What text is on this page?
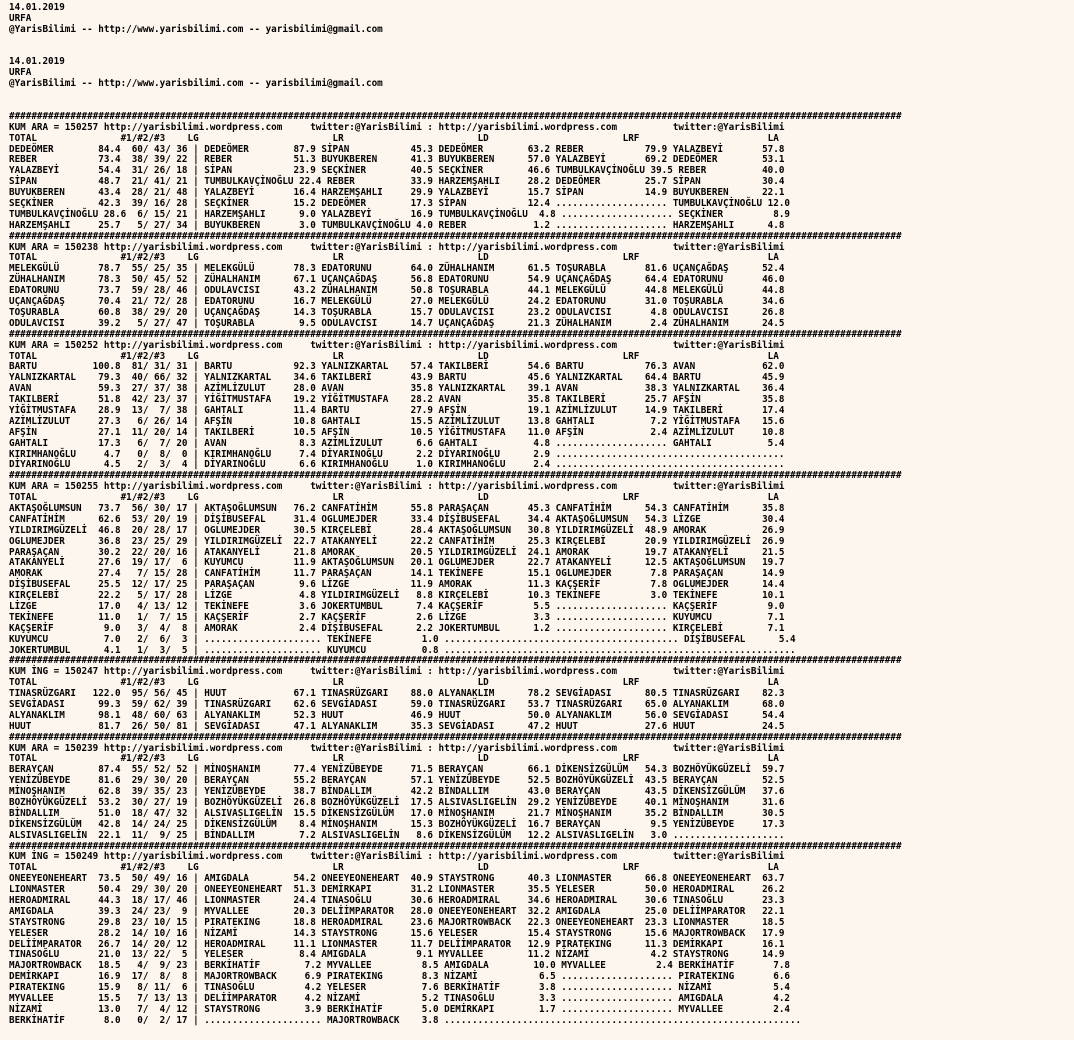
14.01.2019
URFA
@YarisBilimi -- http://www.yarisbilimi.com -- yarisbilimi@gmail.com
14.01.2019
URFA
@YarisBilimi -- http://www.yarisbilimi.com -- yarisbilimi@gmail.com
################################################################################################################################################################
KUM ARA = 150257 http://yarisbilimi.wordpress.com     twitter:@YarisBilimi : http://yarisbilimi.wordpress.com          twitter:@YarisBilimi
TOTAL               #1/#2/#3    LG                        LR                        LD                        LRF                       LA
DEDEÖMER        84.4  60/ 43/ 36 | DEDEÖMER        87.9 SİPAN           45.3 DEDEÖMER        63.2 REBER           79.9 YALAZBEYİ       57.8
REBER           73.4  38/ 39/ 22 | REBER           51.3 BUYUKBEREN      41.3 BUYUKBEREN      57.0 YALAZBEYİ       69.2 DEDEÖMER        53.1
YALAZBEYİ       54.4  31/ 26/ 18 | SİPAN           23.9 SEÇKİNER        40.5 SEÇKİNER        46.6 TUMBULKAVÇİNOĞLU 39.5 REBER          40.0
SİPAN           48.7  21/ 41/ 21 | TUMBULKAVÇİNOĞLU 22.4 REBER          33.9 HARZEMŞAHLI     28.2 DEDEÖMER        25.7 SİPAN           30.4
BUYUKBEREN      43.4  28/ 21/ 48 | YALAZBEYİ       16.4 HARZEMŞAHLI     29.9 YALAZBEYİ       15.7 SİPAN           14.9 BUYUKBEREN      22.1
SEÇKİNER        42.3  39/ 16/ 28 | SEÇKİNER        15.2 DEDEÖMER        17.3 SİPAN           12.4 .................... TUMBULKAVÇİNOĞLU 12.0
TUMBULKAVÇİNOĞLU 28.6  6/ 15/ 21 | HARZEMŞAHLI      9.0 YALAZBEYİ       16.9 TUMBULKAVÇİNOĞLU  4.8 .................... SEÇKİNER         8.9
HARZEMŞAHLI     25.7   5/ 27/ 34 | BUYUKBEREN       3.0 TUMBULKAVÇİNOĞLU 4.0 REBER            1.2 .................... HARZEMŞAHLI      4.8
################################################################################################################################################################
KUM ARA = 150238 http://yarisbilimi.wordpress.com     twitter:@YarisBilimi : http://yarisbilimi.wordpress.com          twitter:@YarisBilimi
TOTAL               #1/#2/#3    LG                        LR                        LD                        LRF                       LA
MELEKGÜLÜ       78.7  55/ 25/ 35 | MELEKGÜLÜ       78.3 EDATORUNU       64.0 ZÜHALHANIM      61.5 TOŞURABLA       81.6 UÇANÇAĞDAŞ      52.4
ZÜHALHANIM      78.3  50/ 45/ 52 | ZÜHALHANIM      67.1 UÇANÇAĞDAŞ      56.8 EDATORUNU       54.9 UÇANÇAĞDAŞ      64.4 EDATORUNU       46.0
EDATORUNU       73.7  59/ 28/ 46 | ODULAVCISI      43.2 ZÜHALHANIM      50.8 TOŞURABLA       44.1 MELEKGÜLÜ       44.8 MELEKGÜLÜ       44.8
UÇANÇAĞDAŞ      70.4  21/ 72/ 28 | EDATORUNU       16.7 MELEKGÜLÜ       27.0 MELEKGÜLÜ       24.2 EDATORUNU       31.0 TOŞURABLA       34.6
TOŞURABLA       60.8  38/ 29/ 20 | UÇANÇAĞDAŞ      14.3 TOŞURABLA       15.7 ODULAVCISI      23.2 ODULAVCISI       4.8 ODULAVCISI      26.8
ODULAVCISI      39.2   5/ 27/ 47 | TOŞURABLA        9.5 ODULAVCISI      14.7 UÇANÇAĞDAŞ      21.3 ZÜHALHANIM       2.4 ZÜHALHANIM      24.5
################################################################################################################################################################
KUM ARA = 150252 http://yarisbilimi.wordpress.com     twitter:@YarisBilimi : http://yarisbilimi.wordpress.com          twitter:@YarisBilimi
TOTAL               #1/#2/#3    LG                        LR                        LD                        LRF                       LA
BARTU          100.8  81/ 31/ 31 | BARTU           92.3 YALNIZKARTAL    57.4 TAKILBERİ       54.6 BARTU           76.3 AVAN            62.0
YALNIZKARTAL    79.3  40/ 66/ 32 | YALNIZKARTAL    34.6 TAKILBERİ       43.9 BARTU           45.6 YALNIZKARTAL    64.4 BARTU           45.9
AVAN            59.3  27/ 37/ 38 | AZİMLİZULUT     28.0 AVAN            35.8 YALNIZKARTAL    39.1 AVAN            38.3 YALNIZKARTAL    36.4
TAKILBERİ       51.8  42/ 23/ 37 | YİĞİTMUSTAFA    19.2 YİĞİTMUSTAFA    28.2 AVAN            35.8 TAKILBERİ       25.7 AFŞİN           35.8
YİĞİTMUSTAFA    28.9  13/  7/ 38 | GAHTALI         11.4 BARTU           27.9 AFŞİN           19.1 AZİMLİZULUT     14.9 TAKILBERİ       17.4
AZİMLİZULUT     27.3   6/ 26/ 14 | AFŞİN           10.8 GAHTALI         15.5 AZİMLİZULUT     13.8 GAHTALI          7.2 YİĞİTMUSTAFA    15.6
AFŞİN           27.1  11/ 20/ 14 | TAKILBERİ       10.5 AFŞİN           10.5 YİĞİTMUSTAFA    11.0 AFŞİN            2.4 AZİMLİZULUT     10.8
GAHTALI         17.3   6/  7/ 20 | AVAN             8.3 AZİMLİZULUT      6.6 GAHTALI          4.8 .................... GAHTALI          5.4
KIRIMHANOĞLU     4.7   0/  8/  0 | KIRIMHANOĞLU     7.4 DİYARINOĞLU      2.2 DİYARINOĞLU      2.9 .........................................
DİYARINOĞLU      4.5   2/  3/  4 | DİYARINOĞLU      6.6 KIRIMHANOĞLU     1.0 KIRIMHANOĞLU     2.4 .........................................
################################################################################################################################################################
KUM ARA = 150255 http://yarisbilimi.wordpress.com     twitter:@YarisBilimi : http://yarisbilimi.wordpress.com          twitter:@YarisBilimi
TOTAL               #1/#2/#3    LG                        LR                        LD                        LRF                       LA
AKTAŞOĞLUMSUN   73.7  56/ 30/ 17 | AKTAŞOĞLUMSUN   76.2 CANFATİHİM      55.8 PARAŞAÇAN       45.3 CANFATİHİM      54.3 CANFATİHİM      35.8
CANFATİHİM      62.6  53/ 20/ 19 | DİŞİBUSEFAL     31.4 OGLUMEJDER      33.4 DİŞİBUSEFAL     34.4 AKTAŞOĞLUMSUN   54.3 LİZGE           30.4
YILDIRIMGÜZELİ  46.8  20/ 28/ 17 | OGLUMEJDER      30.5 KIRÇELEBİ       28.4 AKTAŞOĞLUMSUN   30.8 YILDIRIMGÜZELİ  48.9 AMORAK          26.9
OGLUMEJDER      36.8  23/ 25/ 29 | YILDIRIMGÜZELİ  22.7 ATAKANYELİ      22.2 CANFATİHİM      25.3 KIRÇELEBİ       20.9 YILDIRIMGÜZELİ  26.9
PARAŞAÇAN       30.2  22/ 20/ 16 | ATAKANYELİ      21.8 AMORAK          20.5 YILDIRIMGÜZELİ  24.1 AMORAK          19.7 ATAKANYELİ      21.5
ATAKANYELİ      27.6  19/ 17/  6 | KUYUMCU         11.9 AKTAŞOĞLUMSUN   20.1 OGLUMEJDER      22.7 ATAKANYELİ      12.5 AKTAŞOĞLUMSUN   19.7
AMORAK          27.4   7/ 15/ 28 | CANFATİHİM      11.7 PARAŞAÇAN       14.1 TEKİNEFE        15.1 OGLUMEJDER       7.8 PARAŞAÇAN       14.9
DİŞİBUSEFAL     25.5  12/ 17/ 25 | PARAŞAÇAN        9.6 LİZGE           11.9 AMORAK          11.3 KAÇŞERİF         7.8 OGLUMEJDER      14.4
KIRÇELEBİ       22.2   5/ 17/ 28 | LİZGE            4.8 YILDIRIMGÜZELİ   8.8 KIRÇELEBİ       10.3 TEKİNEFE         3.0 TEKİNEFE        10.1
LİZGE           17.0   4/ 13/ 12 | TEKİNEFE         3.6 JOKERTUMBUL      7.4 KAÇŞERİF         5.5 .................... KAÇŞERİF         9.0
TEKİNEFE        11.0   1/  7/ 15 | KAÇŞERİF         2.7 KAÇŞERİF         2.6 LİZGE            3.3 .................... KUYUMCU          7.1
KAÇŞERİF         9.0   3/  4/  8 | AMORAK           2.4 DİŞİBUSEFAL      2.2 JOKERTUMBUL      1.2 .................... KIRÇELEBİ        7.1
KUYUMCU          7.0   2/  6/  3 | ..................... TEKİNEFE         1.0 .......................................... DİŞİBUSEFAL      5.4
JOKERTUMBUL      4.1   1/  3/  5 | ..................... KUYUMCU          0.8 ...............................................................
################################################################################################################################################################
KUM İNG = 150247 http://yarisbilimi.wordpress.com     twitter:@YarisBilimi : http://yarisbilimi.wordpress.com          twitter:@YarisBilimi
TOTAL               #1/#2/#3    LG                        LR                        LD                        LRF                       LA
TINASRÜZGARI   122.0  95/ 56/ 45 | HUUT            67.1 TINASRÜZGARI    88.0 ALYANAKLIM      78.2 SEVGİADASI      80.5 TINASRÜZGARI    82.3
SEVGİADASI      99.3  59/ 62/ 39 | TINASRÜZGARI    62.6 SEVGİADASI      59.0 TINASRÜZGARI    53.7 TINASRÜZGARI    65.0 ALYANAKLIM      68.0
ALYANAKLIM      98.1  48/ 60/ 63 | ALYANAKLIM      52.3 HUUT            46.9 HUUT            50.0 ALYANAKLIM      56.0 SEVGİADASI      54.4
HUUT            81.7  26/ 50/ 81 | SEVGİADASI      47.1 ALYANAKLIM      35.3 SEVGİADASI      47.2 HUUT            27.6 HUUT            24.5
################################################################################################################################################################
KUM ARA = 150239 http://yarisbilimi.wordpress.com     twitter:@YarisBilimi : http://yarisbilimi.wordpress.com          twitter:@YarisBilimi
TOTAL               #1/#2/#3    LG                        LR                        LD                        LRF                       LA
BERAYÇAN        87.4  55/ 52/ 52 | MİNOŞHANIM      77.4 YENİZÜBEYDE     71.5 BERAYÇAN        66.1 DİKENSİZGÜLÜM   54.3 BOZHÖYÜKGÜZELİ  59.7
YENİZÜBEYDE     81.6  29/ 30/ 20 | BERAYÇAN        55.2 BERAYÇAN        57.1 YENİZÜBEYDE     52.5 BOZHÖYÜKGÜZELİ  43.5 BERAYÇAN        52.5
MİNOŞHANIM      62.8  39/ 35/ 23 | YENİZÜBEYDE     38.7 BİNDALLIM       42.2 BİNDALLIM       43.0 BERAYÇAN        43.5 DİKENSİZGÜLÜM   37.6
BOZHÖYÜKGÜZELİ  53.2  30/ 27/ 19 | BOZHÖYÜKGÜZELİ  26.8 BOZHÖYÜKGÜZELİ  17.5 ALSIVASLIGELİN  29.2 YENİZÜBEYDE     40.1 MİNOŞHANIM      31.6
BİNDALLIM       51.0  18/ 47/ 32 | ALSIVASLIGELİN  15.5 DİKENSİZGÜLÜM   17.0 MİNOŞHANIM      21.7 MİNOŞHANIM      35.2 BİNDALLIM       30.5
DİKENSİZGÜLÜM   42.8  14/ 24/ 25 | DİKENSİZGÜLÜM    8.4 MİNOŞHANIM      15.3 BOZHÖYÜKGÜZELİ  16.7 BERAYÇAN         9.5 YENİZÜBEYDE     17.3
ALSIVASLIGELİN  22.1  11/  9/ 25 | BİNDALLIM        7.2 ALSIVASLIGELİN   8.6 DİKENSİZGÜLÜM   12.2 ALSIVASLIGELİN   3.0 ....................
################################################################################################################################################################
KUM İNG = 150249 http://yarisbilimi.wordpress.com     twitter:@YarisBilimi : http://yarisbilimi.wordpress.com          twitter:@YarisBilimi
TOTAL               #1/#2/#3    LG                        LR                        LD                        LRF                       LA
ONEEYEONEHEART  73.5  50/ 49/ 16 | AMIGDALA        54.2 ONEEYEONEHEART  40.9 STAYSTRONG      40.3 LIONMASTER      66.8 ONEEYEONEHEART  63.7
LIONMASTER      50.4  29/ 30/ 20 | ONEEYEONEHEART  51.3 DEMİRKAPI       31.2 LIONMASTER      35.5 YELESER         50.0 HEROADMIRAL     26.2
HEROADMIRAL     44.3  18/ 17/ 46 | LIONMASTER      24.4 TINASOĞLU       30.6 HEROADMIRAL     34.6 HEROADMIRAL     30.6 TINASOĞLU       23.3
AMIGDALA        39.3  24/ 23/  9 | MYVALLEE        20.3 DELİİMPARATOR   28.0 ONEEYEONEHEART  32.2 AMIGDALA        25.0 DELİİMPARATOR   22.1
STAYSTRONG      29.8  23/ 10/ 15 | PIRATEKING      18.8 HEROADMIRAL     23.6 MAJORTROWBACK   22.3 ONEEYEONEHEART  23.3 LIONMASTER      18.5
YELESER         28.2  14/ 10/ 16 | NİZAMİ          14.3 STAYSTRONG      15.6 YELESER         15.4 STAYSTRONG      15.6 MAJORTROWBACK   17.9
DELİİMPARATOR   26.7  14/ 20/ 12 | HEROADMIRAL     11.1 LIONMASTER      11.7 DELİİMPARATOR   12.9 PIRATEKING      11.3 DEMİRKAPI       16.1
TINASOĞLU       21.0  13/ 22/  5 | YELESER          8.4 AMIGDALA         9.1 MYVALLEE        11.2 NİZAMİ           4.2 STAYSTRONG      14.9
MAJORTROWBACK   18.5   4/  9/ 23 | BERKİHATİF        7.2 MYVALLEE         8.5 AMIGDALA        10.0 MYVALLEE         2.4 BERKİHATİF       7.8
DEMİRKAPI       16.9  17/  8/  8 | MAJORTROWBACK     6.9 PIRATEKING       8.3 NİZAMİ           6.5 .................... PIRATEKING       6.6
PIRATEKING      15.9   8/ 11/  6 | TINASOĞLU         4.2 YELESER          7.6 BERKİHATİF       3.8 .................... NİZAMİ           5.4
MYVALLEE        15.5   7/ 13/ 13 | DELİİMPARATOR     4.2 NİZAMİ           5.2 TINASOĞLU        3.3 .................... AMIGDALA         4.2
NİZAMİ          13.0   7/  4/ 12 | STAYSTRONG        3.9 BERKİHATİF       5.0 DEMİRKAPI        1.7 .................... MYVALLEE         2.4
BERKİHATİF       8.0   0/  2/ 17 | ..................... MAJORTROWBACK    3.8 ................................................................
